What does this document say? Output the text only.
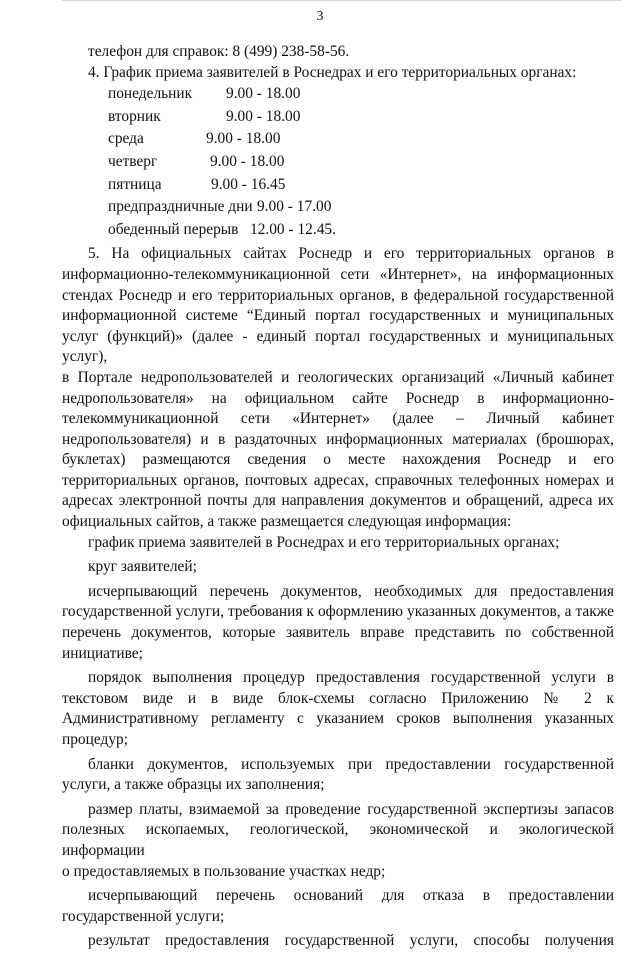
3

телефон для справок: 8 (499) 238-58-56.

4. График приема заявителей в Роснедрах и его территориальных органах:

понедельник 9.00 - 18.00
вторник	9.00 - 18.00
среда	9.00 - 18.00
четверг	9.00 - 18.00
пятница	9.00 - 16.45
предпраздничные дни 9.00 - 17.00
обеденный перерыв 12.00 - 12.45.

5. На официальных сайтах Роснедр и его территориальных органов в

информационно-телекоммуникационной сети «Интернет», на информационных

стендах Роснедр и его территориальных органов, в федеральной государственной

информационной системе “Единый портал государственных и муниципальных

услуг (функций)» (далее - единый портал государственных и муниципальных услуг),

в Портале недропользователей и геологических организаций «Личный кабинет

недропользователя» на официальном сайте Роснедр в информационно-

телекоммуникационной сети «Интернет» (далее – Личный кабинет

недропользователя) и в раздаточных информационных материалах (брошюрах,

буклетах) размещаются сведения о месте нахождения Роснедр и его

территориальных органов, почтовых адресах, справочных телефонных номерах и

адресах электронной почты для направления документов и обращений, адреса их

официальных сайтов, а также размещается следующая информация:

график приема заявителей в Роснедрах и его территориальных органах;

круг заявителей;

исчерпывающий перечень документов, необходимых для предоставления

государственной услуги, требования к оформлению указанных документов, а также

перечень документов, которые заявитель вправе представить по собственной

инициативе;

порядок выполнения процедур предоставления государственной услуги в

текстовом виде и в виде блок-схемы согласно Приложению № 2 к

Административному регламенту с указанием сроков выполнения указанных

процедур;

бланки документов, используемых при предоставлении государственной

услуги, а также образцы их заполнения;

размер платы, взимаемой за проведение государственной экспертизы запасов

полезных ископаемых, геологической, экономической и экологической информации

о предоставляемых в пользование участках недр;

исчерпывающий перечень оснований для отказа в предоставлении

государственной услуги;

результат предоставления государственной услуги, способы получения
